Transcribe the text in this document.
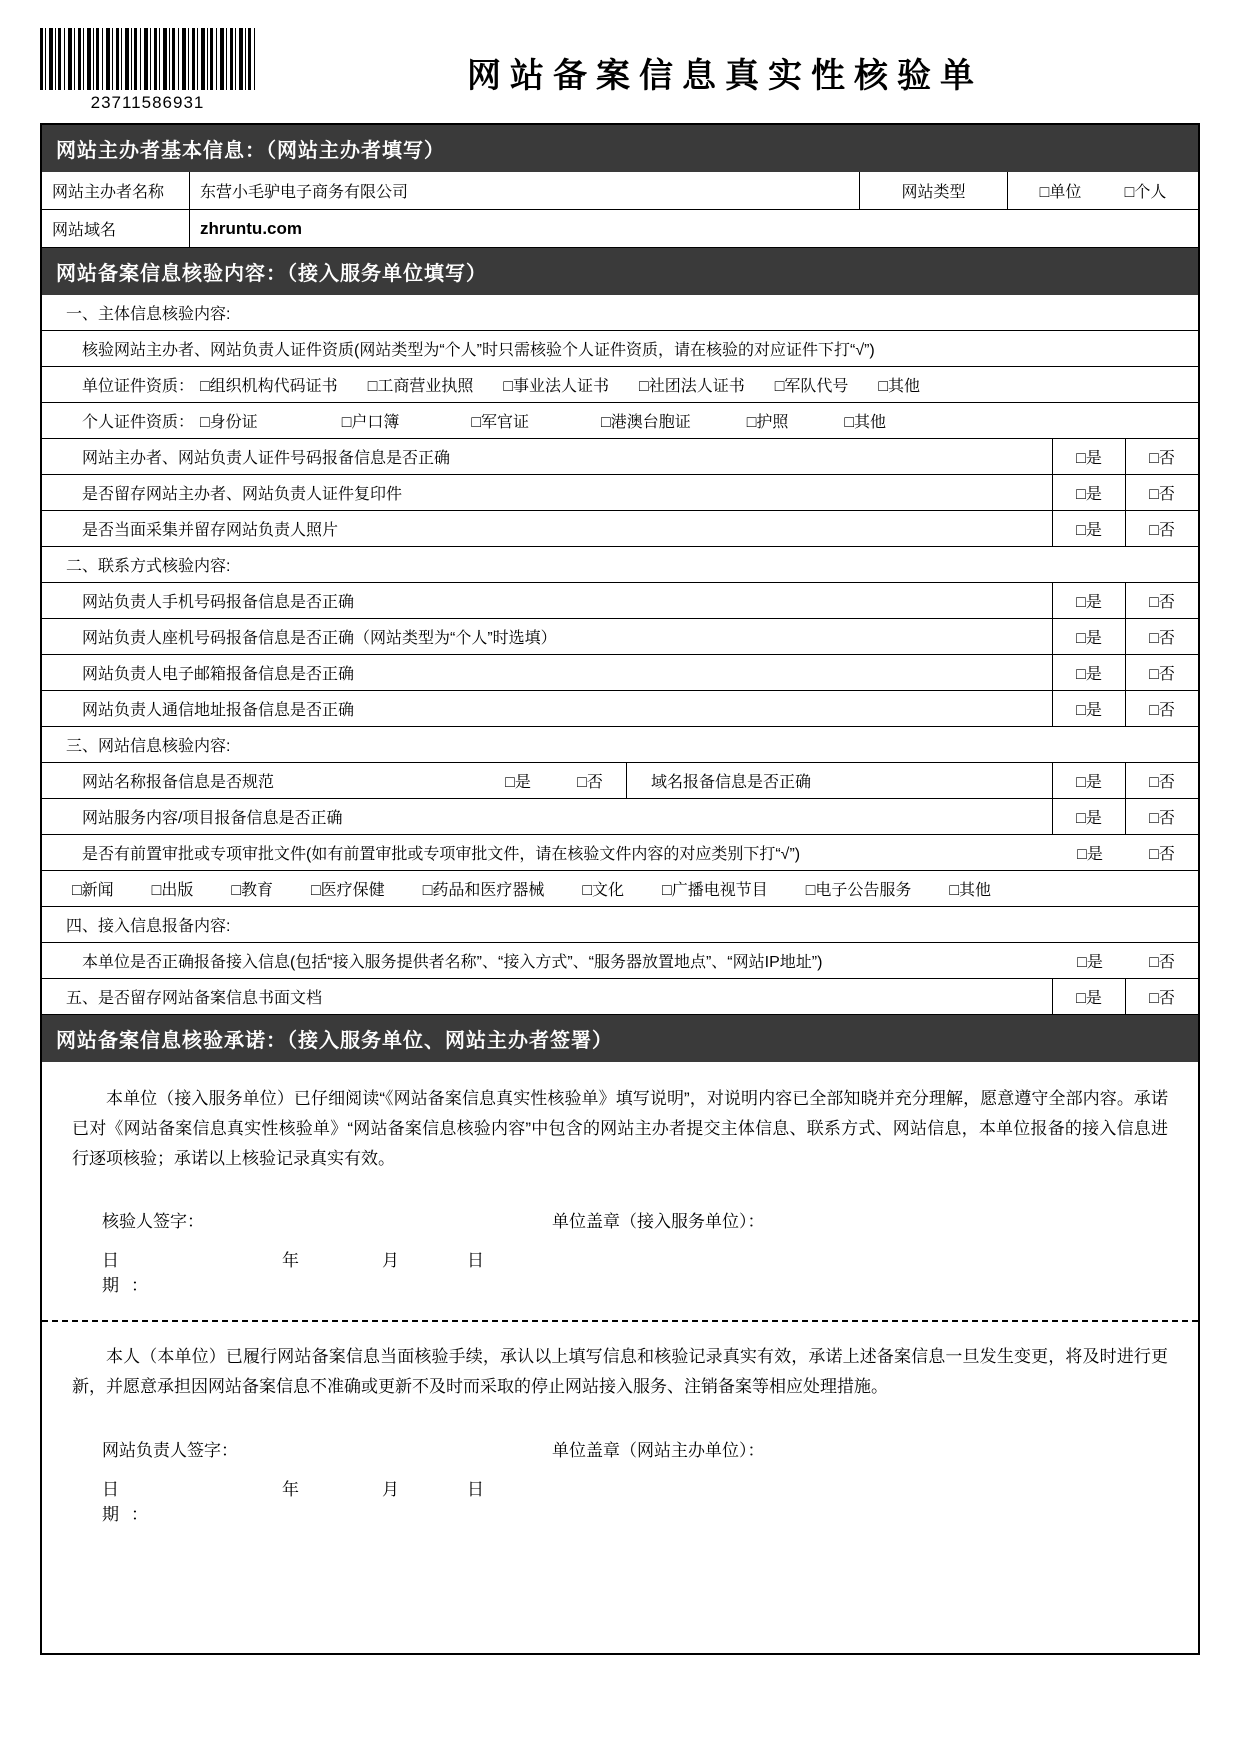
23711586931
网站备案信息真实性核验单
网站主办者基本信息：（网站主办者填写）
网站主办者名称	东营小毛驴电子商务有限公司	网站类型	□单位	□个人
网站域名	zhruntu.com
网站备案信息核验内容：（接入服务单位填写）
一、主体信息核验内容:
核验网站主办者、网站负责人证件资质(网站类型为“个人”时只需核验个人证件资质，请在核验的对应证件下打“√”)
单位证件资质： □组织机构代码证书 □工商营业执照 □事业法人证书 □社团法人证书 □军队代号 □其他
个人证件资质： □身份证	□户口簿	□军官证	□港澳台胞证	□护照	□其他
网站主办者、网站负责人证件号码报备信息是否正确	□是	□否
是否留存网站主办者、网站负责人证件复印件	□是	□否
是否当面采集并留存网站负责人照片	□是	□否
二、联系方式核验内容:
网站负责人手机号码报备信息是否正确	□是	□否
网站负责人座机号码报备信息是否正确（网站类型为“个人”时选填）	□是	□否
网站负责人电子邮箱报备信息是否正确	□是	□否
网站负责人通信地址报备信息是否正确	□是	□否
三、网站信息核验内容:
网站名称报备信息是否规范	□是	□否	域名报备信息是否正确	□是	□否
网站服务内容/项目报备信息是否正确	□是	□否
是否有前置审批或专项审批文件(如有前置审批或专项审批文件，请在核验文件内容的对应类别下打“√”)	□是	□否
□新闻 □出版 □教育 □医疗保健 □药品和医疗器械 □文化 □广播电视节目 □电子公告服务 □其他
四、接入信息报备内容:
本单位是否正确报备接入信息(包括“接入服务提供者名称”、“接入方式”、“服务器放置地点”、“网站IP地址”)	□是	□否
五、是否留存网站备案信息书面文档	□是	□否
网站备案信息核验承诺：（接入服务单位、网站主办者签署）

本单位（接入服务单位）已仔细阅读“《网站备案信息真实性核验单》填写说明”，对说明内容已全部知晓并充分理解，愿意遵守全部内容。承诺已对《网站备案信息真实性核验单》“网站备案信息核验内容”中包含的网站主办者提交主体信息、联系方式、网站信息，本单位报备的接入信息进行逐项核验；承诺以上核验记录真实有效。

核验人签字：	单位盖章（接入服务单位）：
日　　期：
年	月	日

本人（本单位）已履行网站备案信息当面核验手续，承认以上填写信息和核验记录真实有效，承诺上述备案信息一旦发生变更，将及时进行更新，并愿意承担因网站备案信息不准确或更新不及时而采取的停止网站接入服务、注销备案等相应处理措施。

网站负责人签字：	单位盖章（网站主办单位）：
日　　期：
年	月	日
